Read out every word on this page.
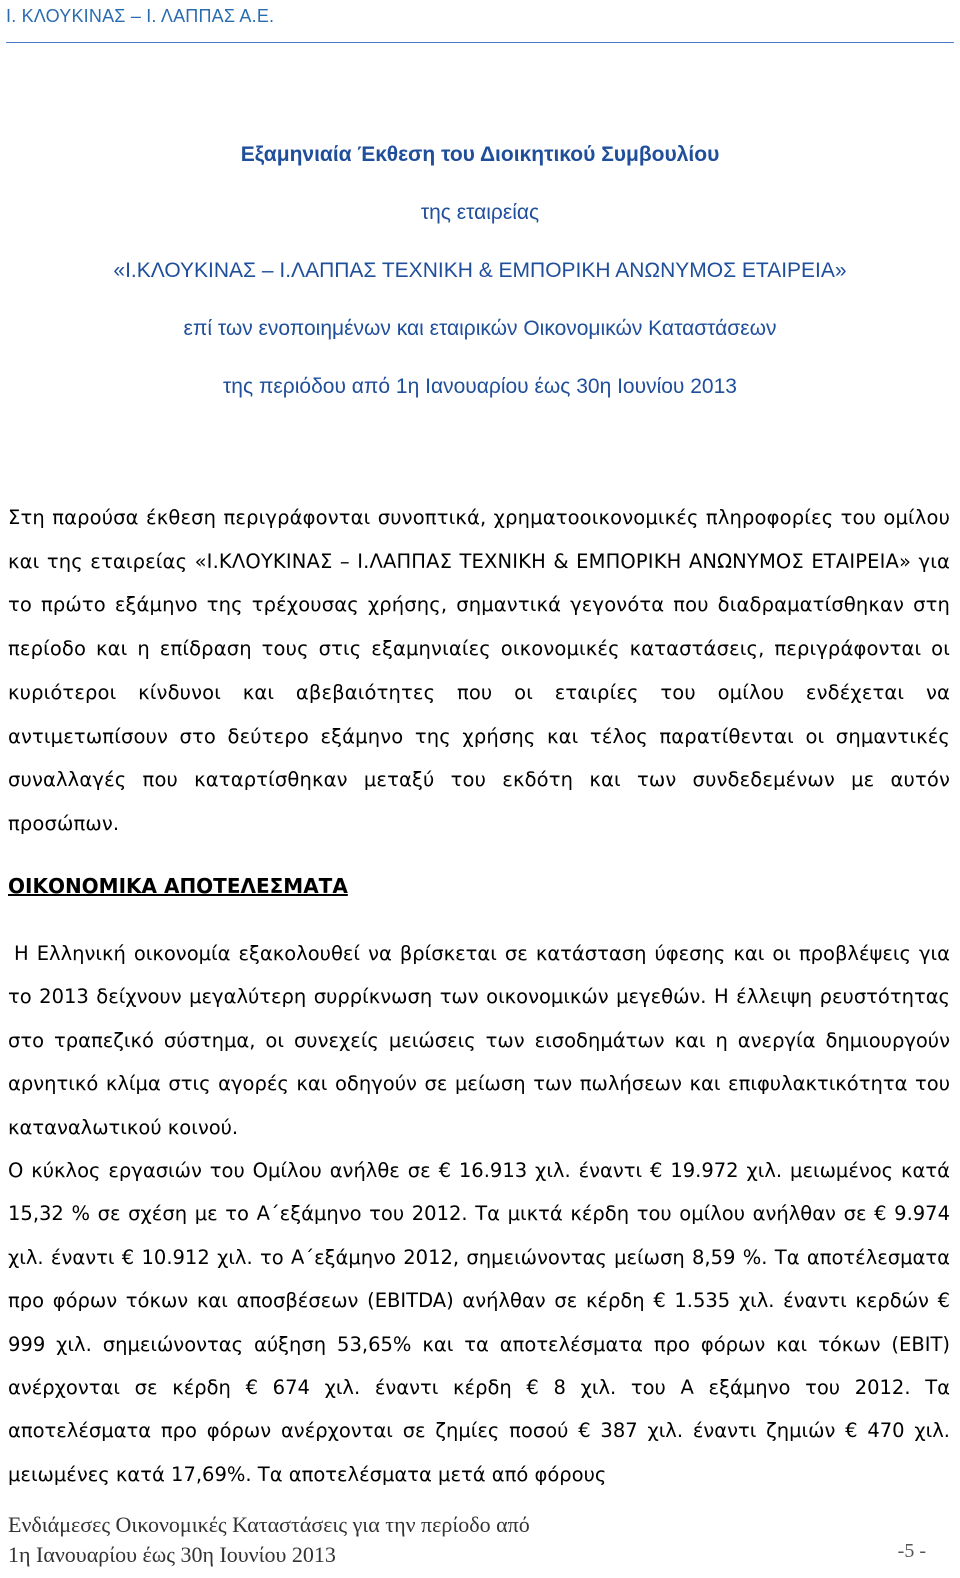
Ι. ΚΛΟΥΚΙΝΑΣ – Ι. ΛΑΠΠΑΣ Α.Ε.
Εξαμηνιαία Έκθεση του Διοικητικού Συμβουλίου
της εταιρείας
«Ι.ΚΛΟΥΚΙΝΑΣ – Ι.ΛΑΠΠΑΣ ΤΕΧΝΙΚΗ & ΕΜΠΟΡΙΚΗ ΑΝΩΝΥΜΟΣ ΕΤΑΙΡΕΙΑ»
επί των ενοποιημένων και εταιρικών Οικονομικών Καταστάσεων
της περιόδου από 1η Ιανουαρίου έως 30η Ιουνίου 2013

Στη παρούσα έκθεση περιγράφονται συνοπτικά, χρηματοοικονομικές πληροφορίες του ομίλου και της εταιρείας «Ι.ΚΛΟΥΚΙΝΑΣ – Ι.ΛΑΠΠΑΣ ΤΕΧΝΙΚΗ & ΕΜΠΟΡΙΚΗ ΑΝΩΝΥΜΟΣ ΕΤΑΙΡΕΙΑ» για το πρώτο εξάμηνο της τρέχουσας χρήσης, σημαντικά γεγονότα που διαδραματίσθηκαν στη περίοδο και η επίδραση τους στις εξαμηνιαίες οικονομικές καταστάσεις, περιγράφονται οι κυριότεροι κίνδυνοι και αβεβαιότητες που οι εταιρίες του ομίλου ενδέχεται να αντιμετωπίσουν στο δεύτερο εξάμηνο της χρήσης και τέλος παρατίθενται οι σημαντικές συναλλαγές που καταρτίσθηκαν μεταξύ του εκδότη και των συνδεδεμένων με αυτόν προσώπων.

ΟΙΚΟΝΟΜΙΚΑ ΑΠΟΤΕΛΕΣΜΑΤΑ

Η Ελληνική οικονομία εξακολουθεί να βρίσκεται σε κατάσταση ύφεσης και οι προβλέψεις για το 2013 δείχνουν μεγαλύτερη συρρίκνωση των οικονομικών μεγεθών. Η έλλειψη ρευστότητας στο τραπεζικό σύστημα, οι συνεχείς μειώσεις των εισοδημάτων και η ανεργία δημιουργούν αρνητικό κλίμα στις αγορές και οδηγούν σε μείωση των πωλήσεων και επιφυλακτικότητα του καταναλωτικού κοινού.

Ο κύκλος εργασιών του Ομίλου ανήλθε σε € 16.913 χιλ. έναντι € 19.972 χιλ. μειωμένος κατά 15,32 % σε σχέση με το Α΄εξάμηνο του 2012. Τα μικτά κέρδη του ομίλου ανήλθαν σε € 9.974 χιλ. έναντι € 10.912 χιλ. το Α΄εξάμηνο 2012, σημειώνοντας μείωση 8,59 %. Τα αποτέλεσματα προ φόρων τόκων και αποσβέσεων (EBITDA) ανήλθαν σε κέρδη € 1.535 χιλ. έναντι κερδών € 999 χιλ. σημειώνοντας αύξηση 53,65% και τα αποτελέσματα προ φόρων και τόκων (EBIT) ανέρχονται σε κέρδη € 674 χιλ. έναντι κέρδη € 8 χιλ. του Α εξάμηνο του 2012. Τα αποτελέσματα προ φόρων ανέρχονται σε ζημίες ποσού € 387 χιλ. έναντι ζημιών € 470 χιλ. μειωμένες κατά 17,69%. Τα αποτελέσματα μετά από φόρους

Ενδιάμεσες Οικονομικές Καταστάσεις για την περίοδο από
1η Ιανουαρίου έως 30η Ιουνίου 2013	-5 -
